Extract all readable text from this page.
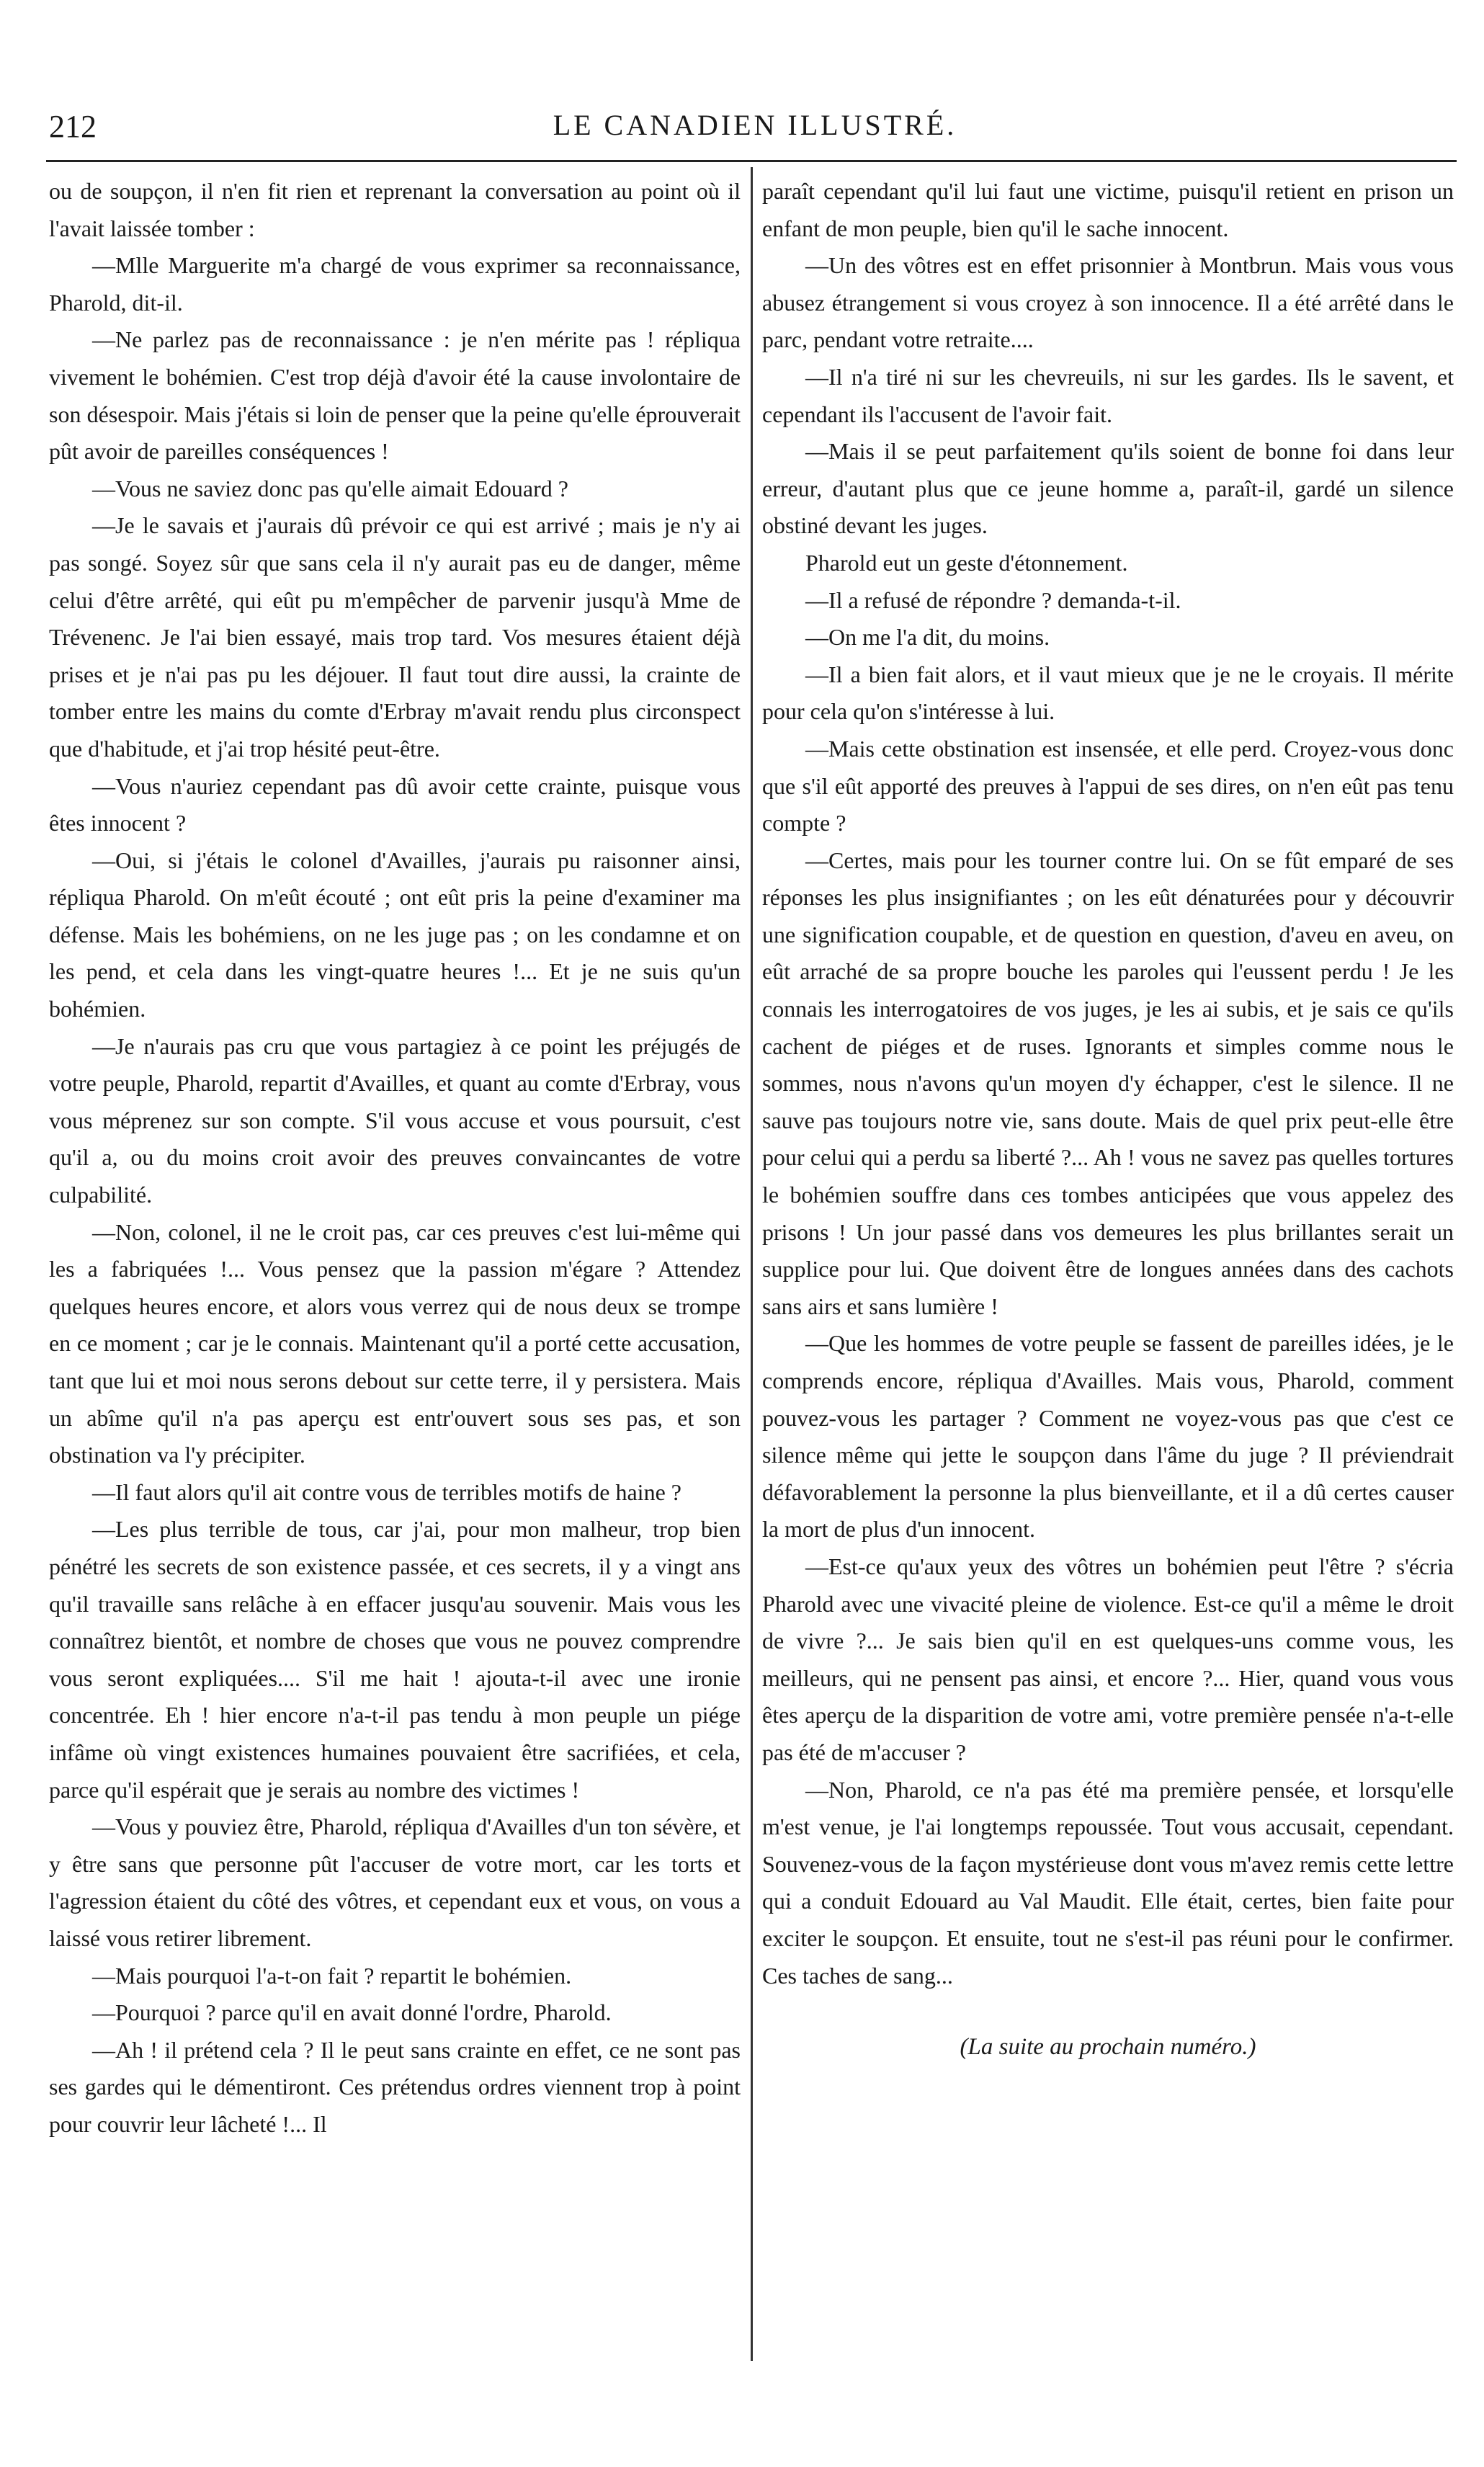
212	LE CANADIEN ILLUSTRÉ.

ou de soupçon, il n'en fit rien et reprenant la conversation au point où il l'avait laissée tomber :

—Mlle Marguerite m'a chargé de vous exprimer sa reconnaissance, Pharold, dit-il.

—Ne parlez pas de reconnaissance : je n'en mérite pas ! répliqua vivement le bohémien. C'est trop déjà d'avoir été la cause involontaire de son désespoir. Mais j'étais si loin de penser que la peine qu'elle éprouverait pût avoir de pareilles conséquences !

—Vous ne saviez donc pas qu'elle aimait Edouard ?

—Je le savais et j'aurais dû prévoir ce qui est arrivé ; mais je n'y ai pas songé. Soyez sûr que sans cela il n'y aurait pas eu de danger, même celui d'être arrêté, qui eût pu m'empêcher de parvenir jusqu'à Mme de Trévenenc. Je l'ai bien essayé, mais trop tard. Vos mesures étaient déjà prises et je n'ai pas pu les déjouer. Il faut tout dire aussi, la crainte de tomber entre les mains du comte d'Erbray m'avait rendu plus circonspect que d'habitude, et j'ai trop hésité peut-être.

—Vous n'auriez cependant pas dû avoir cette crainte, puisque vous êtes innocent ?

—Oui, si j'étais le colonel d'Availles, j'aurais pu raisonner ainsi, répliqua Pharold. On m'eût écouté ; ont eût pris la peine d'examiner ma défense. Mais les bohémiens, on ne les juge pas ; on les condamne et on les pend, et cela dans les vingt-quatre heures !... Et je ne suis qu'un bohémien.

—Je n'aurais pas cru que vous partagiez à ce point les préjugés de votre peuple, Pharold, repartit d'Availles, et quant au comte d'Erbray, vous vous méprenez sur son compte. S'il vous accuse et vous poursuit, c'est qu'il a, ou du moins croit avoir des preuves convaincantes de votre culpabilité.

—Non, colonel, il ne le croit pas, car ces preuves c'est lui-même qui les a fabriquées !... Vous pensez que la passion m'égare ? Attendez quelques heures encore, et alors vous verrez qui de nous deux se trompe en ce moment ; car je le connais. Maintenant qu'il a porté cette accusation, tant que lui et moi nous serons debout sur cette terre, il y persistera. Mais un abîme qu'il n'a pas aperçu est entr'ouvert sous ses pas, et son obstination va l'y précipiter.

—Il faut alors qu'il ait contre vous de terribles motifs de haine ?

—Les plus terrible de tous, car j'ai, pour mon malheur, trop bien pénétré les secrets de son existence passée, et ces secrets, il y a vingt ans qu'il travaille sans relâche à en effacer jusqu'au souvenir. Mais vous les connaîtrez bientôt, et nombre de choses que vous ne pouvez comprendre vous seront expliquées.... S'il me hait ! ajouta-t-il avec une ironie concentrée. Eh ! hier encore n'a-t-il pas tendu à mon peuple un piége infâme où vingt existences humaines pouvaient être sacrifiées, et cela, parce qu'il espérait que je serais au nombre des victimes !

—Vous y pouviez être, Pharold, répliqua d'Availles d'un ton sévère, et y être sans que personne pût l'accuser de votre mort, car les torts et l'agression étaient du côté des vôtres, et cependant eux et vous, on vous a laissé vous retirer librement.

—Mais pourquoi l'a-t-on fait ? repartit le bohémien.

—Pourquoi ? parce qu'il en avait donné l'ordre, Pharold.

—Ah ! il prétend cela ? Il le peut sans crainte en effet, ce ne sont pas ses gardes qui le démentiront. Ces prétendus ordres viennent trop à point pour couvrir leur lâcheté !... Il

paraît cependant qu'il lui faut une victime, puisqu'il retient en prison un enfant de mon peuple, bien qu'il le sache innocent.

—Un des vôtres est en effet prisonnier à Montbrun. Mais vous vous abusez étrangement si vous croyez à son innocence. Il a été arrêté dans le parc, pendant votre retraite....

—Il n'a tiré ni sur les chevreuils, ni sur les gardes. Ils le savent, et cependant ils l'accusent de l'avoir fait.

—Mais il se peut parfaitement qu'ils soient de bonne foi dans leur erreur, d'autant plus que ce jeune homme a, paraît-il, gardé un silence obstiné devant les juges.

Pharold eut un geste d'étonnement.

—Il a refusé de répondre ? demanda-t-il.

—On me l'a dit, du moins.

—Il a bien fait alors, et il vaut mieux que je ne le croyais. Il mérite pour cela qu'on s'intéresse à lui.

—Mais cette obstination est insensée, et elle perd. Croyez-vous donc que s'il eût apporté des preuves à l'appui de ses dires, on n'en eût pas tenu compte ?

—Certes, mais pour les tourner contre lui. On se fût emparé de ses réponses les plus insignifiantes ; on les eût dénaturées pour y découvrir une signification coupable, et de question en question, d'aveu en aveu, on eût arraché de sa propre bouche les paroles qui l'eussent perdu ! Je les connais les interrogatoires de vos juges, je les ai subis, et je sais ce qu'ils cachent de piéges et de ruses. Ignorants et simples comme nous le sommes, nous n'avons qu'un moyen d'y échapper, c'est le silence. Il ne sauve pas toujours notre vie, sans doute. Mais de quel prix peut-elle être pour celui qui a perdu sa liberté ?... Ah ! vous ne savez pas quelles tortures le bohémien souffre dans ces tombes anticipées que vous appelez des prisons ! Un jour passé dans vos demeures les plus brillantes serait un supplice pour lui. Que doivent être de longues années dans des cachots sans airs et sans lumière !

—Que les hommes de votre peuple se fassent de pareilles idées, je le comprends encore, répliqua d'Availles. Mais vous, Pharold, comment pouvez-vous les partager ? Comment ne voyez-vous pas que c'est ce silence même qui jette le soupçon dans l'âme du juge ? Il préviendrait défavorablement la personne la plus bienveillante, et il a dû certes causer la mort de plus d'un innocent.

—Est-ce qu'aux yeux des vôtres un bohémien peut l'être ? s'écria Pharold avec une vivacité pleine de violence. Est-ce qu'il a même le droit de vivre ?... Je sais bien qu'il en est quelques-uns comme vous, les meilleurs, qui ne pensent pas ainsi, et encore ?... Hier, quand vous vous êtes aperçu de la disparition de votre ami, votre première pensée n'a-t-elle pas été de m'accuser ?

—Non, Pharold, ce n'a pas été ma première pensée, et lorsqu'elle m'est venue, je l'ai longtemps repoussée. Tout vous accusait, cependant. Souvenez-vous de la façon mystérieuse dont vous m'avez remis cette lettre qui a conduit Edouard au Val Maudit. Elle était, certes, bien faite pour exciter le soupçon. Et ensuite, tout ne s'est-il pas réuni pour le confirmer. Ces taches de sang...

(La suite au prochain numéro.)
